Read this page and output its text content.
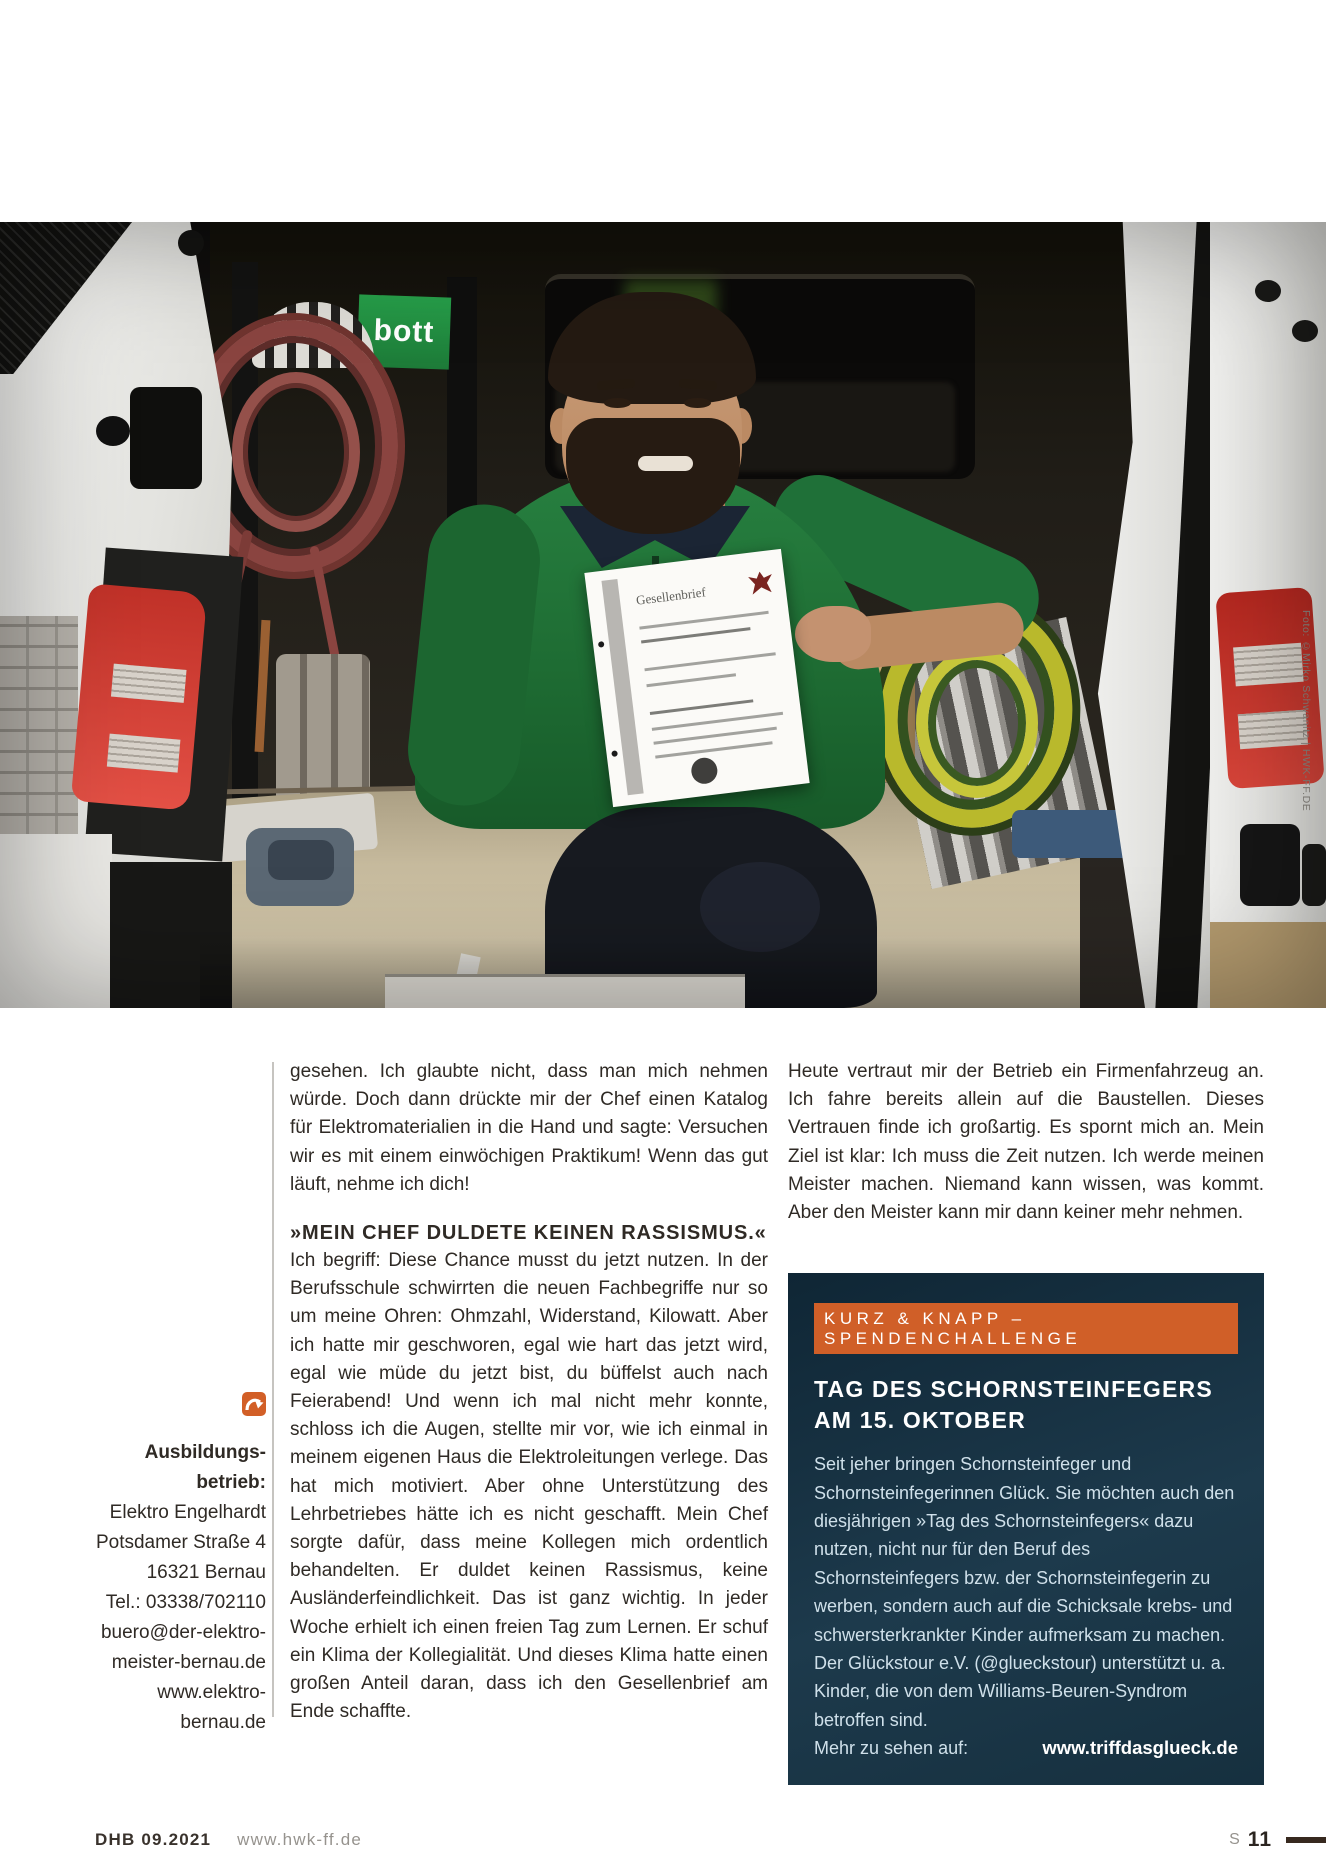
bott
Gesellenbrief
Foto: ©Mirko Schwanitz | HWK-FF.DE
Ausbildungs-
betrieb:
Elektro Engelhardt
Potsdamer Straße 4
16321 Bernau
Tel.: 03338/702110
buero@der-elektro-
meister-bernau.de
www.elektro-
bernau.de

gesehen. Ich glaubte nicht, dass man mich nehmen würde. Doch dann drückte mir der Chef einen Katalog für Elektromaterialien in die Hand und sagte: Versuchen wir es mit einem einwöchigen Praktikum! Wenn das gut läuft, nehme ich dich!

»MEIN CHEF DULDETE KEINEN RASSISMUS.«

Ich begriff: Diese Chance musst du jetzt nutzen. In der Berufsschule schwirrten die neuen Fachbegriffe nur so um meine Ohren: Ohmzahl, Widerstand, Kilowatt. Aber ich hatte mir geschworen, egal wie hart das jetzt wird, egal wie müde du jetzt bist, du büffelst auch nach Feierabend! Und wenn ich mal nicht mehr konnte, schloss ich die Augen, stellte mir vor, wie ich einmal in meinem eigenen Haus die Elektroleitungen verlege. Das hat mich motiviert. Aber ohne Unterstützung des Lehrbetriebes hätte ich es nicht geschafft. Mein Chef sorgte dafür, dass meine Kollegen mich ordentlich behandelten. Er duldet keinen Rassismus, keine Ausländerfeindlichkeit. Das ist ganz wichtig. In jeder Woche erhielt ich einen freien Tag zum Lernen. Er schuf ein Klima der Kollegialität. Und dieses Klima hatte einen großen Anteil daran, dass ich den Gesellenbrief am Ende schaffte.

Heute vertraut mir der Betrieb ein Firmenfahrzeug an. Ich fahre bereits allein auf die Baustellen. Dieses Vertrauen finde ich großartig. Es spornt mich an. Mein Ziel ist klar: Ich muss die Zeit nutzen. Ich werde meinen Meister machen. Niemand kann wissen, was kommt. Aber den Meister kann mir dann keiner mehr nehmen.

KURZ & KNAPP – SPENDENCHALLENGE
TAG DES SCHORNSTEINFEGERS
AM 15. OKTOBER

Seit jeher bringen Schornsteinfeger und Schornsteinfegerinnen Glück. Sie möchten auch den diesjährigen »Tag des Schornsteinfegers« dazu nutzen, nicht nur für den Beruf des Schornsteinfegers bzw. der Schornsteinfegerin zu werben, sondern auch auf die Schicksale krebs- und schwersterkrankter Kinder aufmerksam zu machen. Der Glückstour e.V. (@glueckstour) unterstützt u. a. Kinder, die von dem Williams-Beuren-Syndrom betroffen sind.

Mehr zu sehen auf:	www.triffdasglueck.de
DHB 09.2021 www.hwk-ff.de	S 11
